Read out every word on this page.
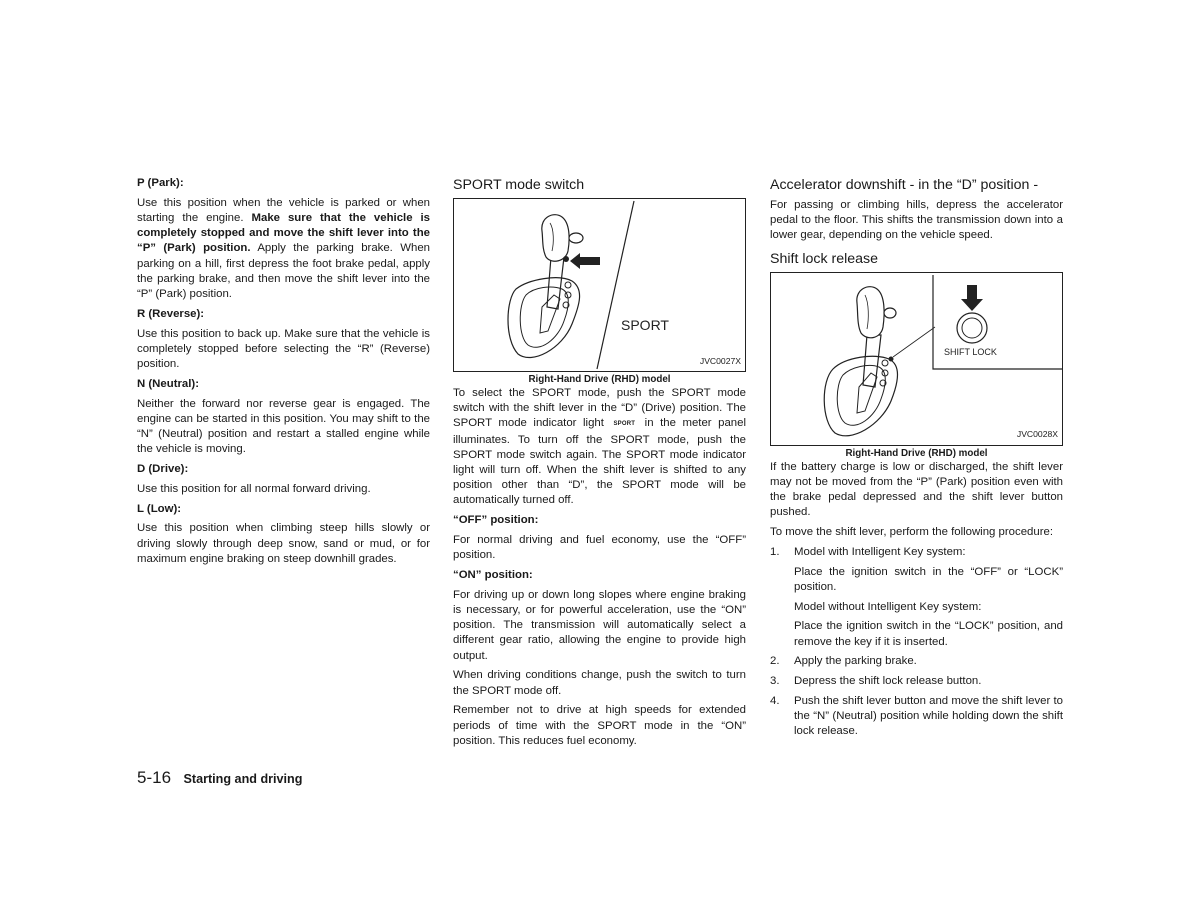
P (Park):

Use this position when the vehicle is parked or when starting the engine. Make sure that the vehicle is completely stopped and move the shift lever into the “P” (Park) position. Apply the parking brake. When parking on a hill, first depress the foot brake pedal, apply the parking brake, and then move the shift lever into the “P” (Park) position.

R (Reverse):

Use this position to back up. Make sure that the vehicle is completely stopped before selecting the “R” (Reverse) position.

N (Neutral):

Neither the forward nor reverse gear is engaged. The engine can be started in this position. You may shift to the “N” (Neutral) position and restart a stalled engine while the vehicle is moving.

D (Drive):

Use this position for all normal forward driving.

L (Low):

Use this position when climbing steep hills slowly or driving slowly through deep snow, sand or mud, or for maximum engine braking on steep downhill grades.

SPORT mode switch
SPORT
JVC0027X
Right-Hand Drive (RHD) model

To select the SPORT mode, push the SPORT mode switch with the shift lever in the “D” (Drive) position. The SPORT mode indicator light SPORT in the meter panel illuminates. To turn off the SPORT mode, push the SPORT mode switch again. The SPORT mode indicator light will turn off. When the shift lever is shifted to any position other than “D”, the SPORT mode will be automatically turned off.

“OFF” position:

For normal driving and fuel economy, use the “OFF” position.

“ON” position:

For driving up or down long slopes where engine braking is necessary, or for powerful acceleration, use the “ON” position. The transmission will automatically select a different gear ratio, allowing the engine to provide high output.

When driving conditions change, push the switch to turn the SPORT mode off.

Remember not to drive at high speeds for extended periods of time with the SPORT mode in the “ON” position. This reduces fuel economy.

Accelerator downshift - in the “D” position -

For passing or climbing hills, depress the accelerator pedal to the floor. This shifts the transmission down into a lower gear, depending on the vehicle speed.

Shift lock release
SHIFT LOCK
JVC0028X
Right-Hand Drive (RHD) model

If the battery charge is low or discharged, the shift lever may not be moved from the “P” (Park) position even with the brake pedal depressed and the shift lever button pushed.

To move the shift lever, perform the following procedure:

1. Model with Intelligent Key system:

Place the ignition switch in the “OFF” or “LOCK” position.

Model without Intelligent Key system:

Place the ignition switch in the “LOCK” position, and remove the key if it is inserted.

2. Apply the parking brake.
3. Depress the shift lock release button.
4. Push the shift lever button and move the shift lever to the “N” (Neutral) position while holding down the shift lock release.
5-16 Starting and driving
